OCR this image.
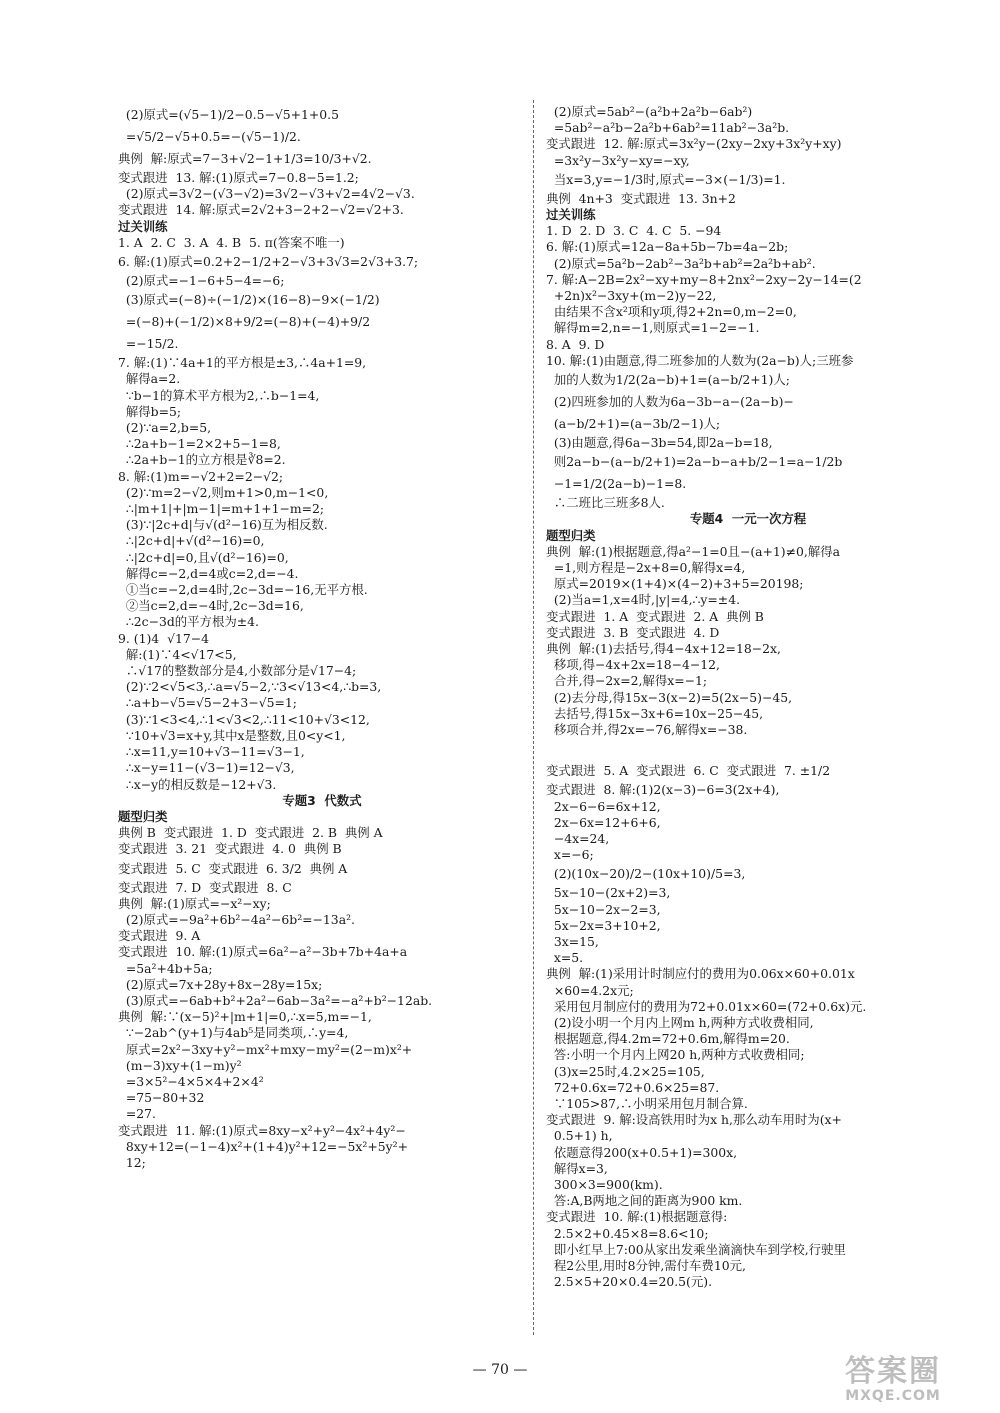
(2)原式=(√5−1)/2−0.5−√5+1+0.5
=√5/2−√5+0.5=−(√5−1)/2.
典例  解:原式=7−3+√2−1+1/3=10/3+√2.
变式跟进  13. 解:(1)原式=7−0.8−5=1.2;
(2)原式=3√2−(√3−√2)=3√2−√3+√2=4√2−√3.
变式跟进  14. 解:原式=2√2+3−2+2−√2=√2+3.
过关训练
1. A  2. C  3. A  4. B  5. π(答案不唯一)
6. 解:(1)原式=0.2+2−1/2+2−√3+3√3=2√3+3.7;
(2)原式=−1−6+5−4=−6;
(3)原式=(−8)÷(−1/2)×(16−8)−9×(−1/2)
=(−8)+(−1/2)×8+9/2=(−8)+(−4)+9/2
=−15/2.
7. 解:(1)∵4a+1的平方根是±3,∴4a+1=9,
解得a=2.
∵b−1的算术平方根为2,∴b−1=4,
解得b=5;
(2)∵a=2,b=5,
∴2a+b−1=2×2+5−1=8,
∴2a+b−1的立方根是∛8=2.
8. 解:(1)m=−√2+2=2−√2;
(2)∵m=2−√2,则m+1>0,m−1<0,
∴|m+1|+|m−1|=m+1+1−m=2;
(3)∵|2c+d|与√(d²−16)互为相反数.
∴|2c+d|+√(d²−16)=0,
∴|2c+d|=0,且√(d²−16)=0,
解得c=−2,d=4或c=2,d=−4.
①当c=−2,d=4时,2c−3d=−16,无平方根.
②当c=2,d=−4时,2c−3d=16,
∴2c−3d的平方根为±4.
9. (1)4  √17−4
解:(1)∵4<√17<5,
∴√17的整数部分是4,小数部分是√17−4;
(2)∵2<√5<3,∴a=√5−2,∵3<√13<4,∴b=3,
∴a+b−√5=√5−2+3−√5=1;
(3)∵1<3<4,∴1<√3<2,∴11<10+√3<12,
∵10+√3=x+y,其中x是整数,且0<y<1,
∴x=11,y=10+√3−11=√3−1,
∴x−y=11−(√3−1)=12−√3,
∴x−y的相反数是−12+√3.
专题3  代数式
题型归类
典例 B  变式跟进  1. D  变式跟进  2. B  典例 A
变式跟进  3. 21  变式跟进  4. 0  典例 B
变式跟进  5. C  变式跟进  6. 3/2  典例 A
变式跟进  7. D  变式跟进  8. C
典例  解:(1)原式=−x²−xy;
(2)原式=−9a²+6b²−4a²−6b²=−13a².
变式跟进  9. A
变式跟进  10. 解:(1)原式=6a²−a²−3b+7b+4a+a
=5a²+4b+5a;
(2)原式=7x+28y+8x−28y=15x;
(3)原式=−6ab+b²+2a²−6ab−3a²=−a²+b²−12ab.
典例  解:∵(x−5)²+|m+1|=0,∴x=5,m=−1,
∵−2ab^(y+1)与4ab⁵是同类项,∴y=4,
原式=2x²−3xy+y²−mx²+mxy−my²=(2−m)x²+
(m−3)xy+(1−m)y²
=3×5²−4×5×4+2×4²
=75−80+32
=27.
变式跟进  11. 解:(1)原式=8xy−x²+y²−4x²+4y²−
8xy+12=(−1−4)x²+(1+4)y²+12=−5x²+5y²+
12;
(2)原式=5ab²−(a²b+2a²b−6ab²)
=5ab²−a²b−2a²b+6ab²=11ab²−3a²b.
变式跟进  12. 解:原式=3x²y−(2xy−2xy+3x²y+xy)
=3x²y−3x²y−xy=−xy,
当x=3,y=−1/3时,原式=−3×(−1/3)=1.
典例  4n+3  变式跟进  13. 3n+2
过关训练
1. D  2. D  3. C  4. C  5. −94
6. 解:(1)原式=12a−8a+5b−7b=4a−2b;
(2)原式=5a²b−2ab²−3a²b+ab²=2a²b+ab².
7. 解:A−2B=2x²−xy+my−8+2nx²−2xy−2y−14=(2
+2n)x²−3xy+(m−2)y−22,
由结果不含x²项和y项,得2+2n=0,m−2=0,
解得m=2,n=−1,则原式=1−2=−1.
8. A  9. D
10. 解:(1)由题意,得二班参加的人数为(2a−b)人;三班参
加的人数为1/2(2a−b)+1=(a−b/2+1)人;
(2)四班参加的人数为6a−3b−a−(2a−b)−
(a−b/2+1)=(a−3b/2−1)人;
(3)由题意,得6a−3b=54,即2a−b=18,
则2a−b−(a−b/2+1)=2a−b−a+b/2−1=a−1/2b
−1=1/2(2a−b)−1=8.
∴二班比三班多8人.
专题4  一元一次方程
题型归类
典例  解:(1)根据题意,得a²−1=0且−(a+1)≠0,解得a
=1,则方程是−2x+8=0,解得x=4,
原式=2019×(1+4)×(4−2)+3+5=20198;
(2)当a=1,x=4时,|y|=4,∴y=±4.
变式跟进  1. A  变式跟进  2. A  典例 B
变式跟进  3. B  变式跟进  4. D
典例  解:(1)去括号,得4−4x+12=18−2x,
移项,得−4x+2x=18−4−12,
合并,得−2x=2,解得x=−1;
(2)去分母,得15x−3(x−2)=5(2x−5)−45,
去括号,得15x−3x+6=10x−25−45,
移项合并,得2x=−76,解得x=−38.

变式跟进  5. A  变式跟进  6. C  变式跟进  7. ±1/2
变式跟进  8. 解:(1)2(x−3)−6=3(2x+4),
2x−6−6=6x+12,
2x−6x=12+6+6,
−4x=24,
x=−6;
(2)(10x−20)/2−(10x+10)/5=3,
5x−10−(2x+2)=3,
5x−10−2x−2=3,
5x−2x=3+10+2,
3x=15,
x=5.
典例  解:(1)采用计时制应付的费用为0.06x×60+0.01x
×60=4.2x元;
采用包月制应付的费用为72+0.01x×60=(72+0.6x)元.
(2)设小明一个月内上网m h,两种方式收费相同,
根据题意,得4.2m=72+0.6m,解得m=20.
答:小明一个月内上网20 h,两种方式收费相同;
(3)x=25时,4.2×25=105,
72+0.6x=72+0.6×25=87.
∵105>87,∴小明采用包月制合算.
变式跟进  9. 解:设高铁用时为x h,那么动车用时为(x+
0.5+1) h,
依题意得200(x+0.5+1)=300x,
解得x=3,
300×3=900(km).
答:A,B两地之间的距离为900 km.
变式跟进  10. 解:(1)根据题意得:
2.5×2+0.45×8=8.6<10;
即小红早上7:00从家出发乘坐滴滴快车到学校,行驶里
程2公里,用时8分钟,需付车费10元,
2.5×5+20×0.4=20.5(元).
— 70 —	答案圈
MXQE.COM
